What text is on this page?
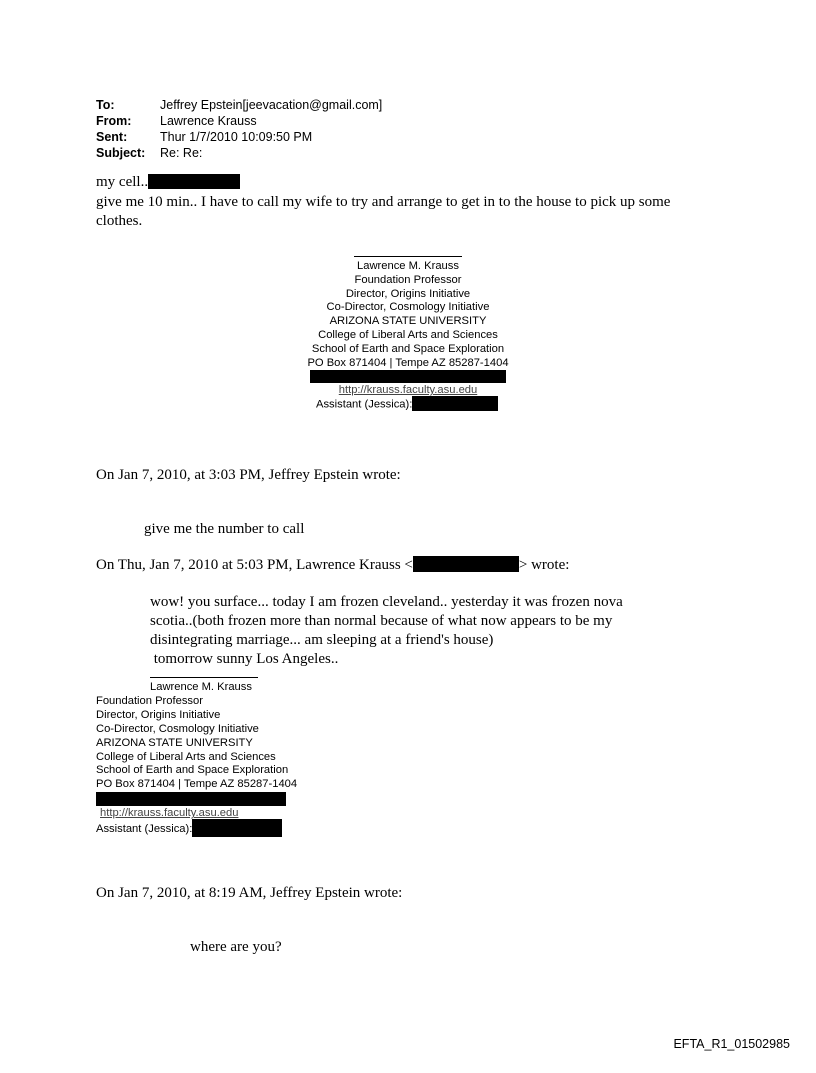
To:	Jeffrey Epstein[jeevacation@gmail.com]
From:	Lawrence Krauss
Sent:	Thur 1/7/2010 10:09:50 PM
Subject:	Re: Re:
my cell..
give me 10 min.. I have to call my wife to try and arrange to get in to the house to pick up some
clothes.
Lawrence M. Krauss
Foundation Professor
Director, Origins Initiative
Co-Director, Cosmology Initiative
ARIZONA STATE UNIVERSITY
College of Liberal Arts and Sciences
School of Earth and Space Exploration
PO Box 871404 | Tempe AZ 85287-1404
http://krauss.faculty.asu.edu
Assistant (Jessica):
On Jan 7, 2010, at 3:03 PM, Jeffrey Epstein wrote:
give me the number to call
On Thu, Jan 7, 2010 at 5:03 PM, Lawrence Krauss <	> wrote:
wow! you surface... today I am frozen cleveland.. yesterday it was frozen nova
scotia..(both frozen more than normal because of what now appears to be my
disintegrating marriage... am sleeping at a friend's house)
tomorrow sunny Los Angeles..
Lawrence M. Krauss
Foundation Professor
Director, Origins Initiative
Co-Director, Cosmology Initiative
ARIZONA STATE UNIVERSITY
College of Liberal Arts and Sciences
School of Earth and Space Exploration
PO Box 871404 | Tempe AZ 85287-1404
http://krauss.faculty.asu.edu
Assistant (Jessica):
On Jan 7, 2010, at 8:19 AM, Jeffrey Epstein wrote:
where are you?
EFTA_R1_01502985
